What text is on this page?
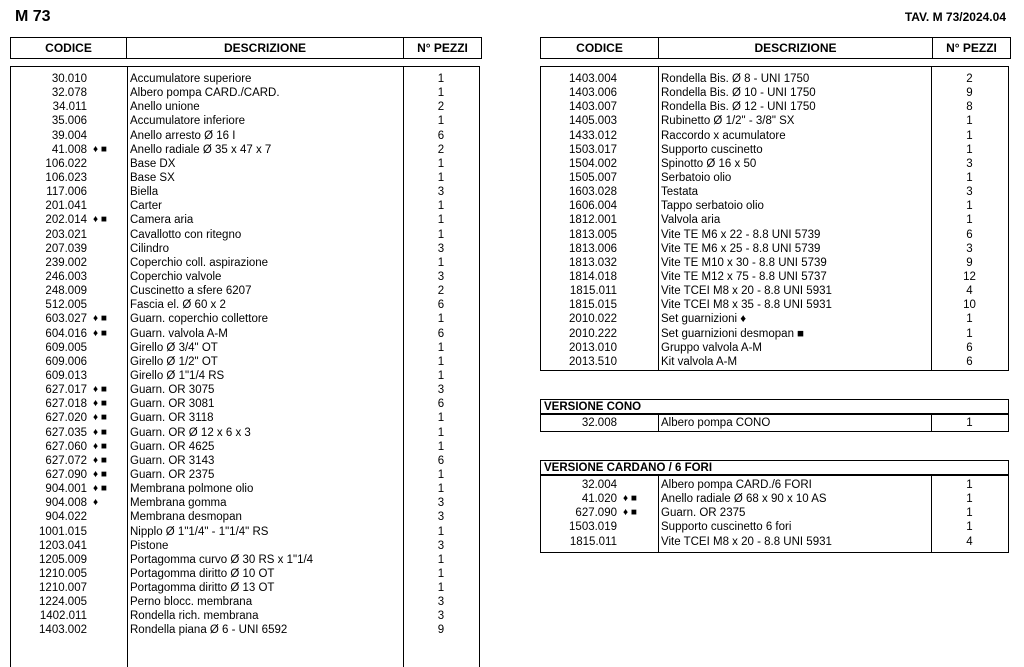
M 73	TAV. M 73/2024.04
CODICE	DESCRIZIONE	N° PEZZI	CODICE	DESCRIZIONE	N° PEZZI
30.010	Accumulatore superiore	1
32.078	Albero pompa CARD./CARD.	1
34.011	Anello unione	2
35.006	Accumulatore inferiore	1
39.004	Anello arresto Ø 16 I	6
41.008 ♦ ■	Anello radiale Ø 35 x 47 x 7	2
106.022	Base DX	1
106.023	Base SX	1
117.006	Biella	3
201.041	Carter	1
202.014 ♦ ■	Camera aria	1
203.021	Cavallotto con ritegno	1
207.039	Cilindro	3
239.002	Coperchio coll. aspirazione	1
246.003	Coperchio valvole	3
248.009	Cuscinetto a sfere 6207	2
512.005	Fascia el. Ø 60 x 2	6
603.027 ♦ ■	Guarn. coperchio collettore	1
604.016 ♦ ■	Guarn. valvola A-M	6
609.005	Girello Ø 3/4" OT	1
609.006	Girello Ø 1/2" OT	1
609.013	Girello Ø 1"1/4 RS	1
627.017 ♦ ■	Guarn. OR 3075	3
627.018 ♦ ■	Guarn. OR 3081	6
627.020 ♦ ■	Guarn. OR 3118	1
627.035 ♦ ■	Guarn. OR Ø 12 x 6 x 3	1
627.060 ♦ ■	Guarn. OR 4625	1
627.072 ♦ ■	Guarn. OR 3143	6
627.090 ♦ ■	Guarn. OR 2375	1
904.001 ♦ ■	Membrana polmone olio	1
904.008 ♦	Membrana gomma	3
904.022	Membrana desmopan	3
1001.015	Nipplo Ø 1"1/4" - 1"1/4" RS	1
1203.041	Pistone	3
1205.009	Portagomma curvo Ø 30 RS x 1"1/4	1
1210.005	Portagomma diritto Ø 10 OT	1
1210.007	Portagomma diritto Ø 13 OT	1
1224.005	Perno blocc. membrana	3
1402.011	Rondella rich. membrana	3
1403.002	Rondella piana Ø 6 - UNI 6592	9
1403.004	Rondella Bis. Ø 8 - UNI 1750	2
1403.006	Rondella Bis. Ø 10 - UNI 1750	9
1403.007	Rondella Bis. Ø 12 - UNI 1750	8
1405.003	Rubinetto Ø 1/2" - 3/8" SX	1
1433.012	Raccordo x acumulatore	1
1503.017	Supporto cuscinetto	1
1504.002	Spinotto Ø 16 x 50	3
1505.007	Serbatoio olio	1
1603.028	Testata	3
1606.004	Tappo serbatoio olio	1
1812.001	Valvola aria	1
1813.005	Vite TE M6 x 22 - 8.8 UNI 5739	6
1813.006	Vite TE M6 x 25 - 8.8 UNI 5739	3
1813.032	Vite TE M10 x 30 - 8.8 UNI 5739	9
1814.018	Vite TE M12 x 75 - 8.8 UNI 5737	12
1815.011	Vite TCEI M8 x 20 - 8.8 UNI 5931	4
1815.015	Vite TCEI M8 x 35 - 8.8 UNI 5931	10
2010.022	Set guarnizioni ♦	1
2010.222	Set guarnizioni desmopan ■	1
2013.010	Gruppo valvola A-M	6
2013.510	Kit valvola A-M	6
VERSIONE CONO
32.008	Albero pompa CONO	1
VERSIONE CARDANO / 6 FORI
32.004	Albero pompa CARD./6 FORI	1
41.020 ♦ ■	Anello radiale Ø 68 x 90 x 10 AS	1
627.090 ♦ ■	Guarn. OR 2375	1
1503.019	Supporto cuscinetto 6 fori	1
1815.011	Vite TCEI M8 x 20 - 8.8 UNI 5931	4
